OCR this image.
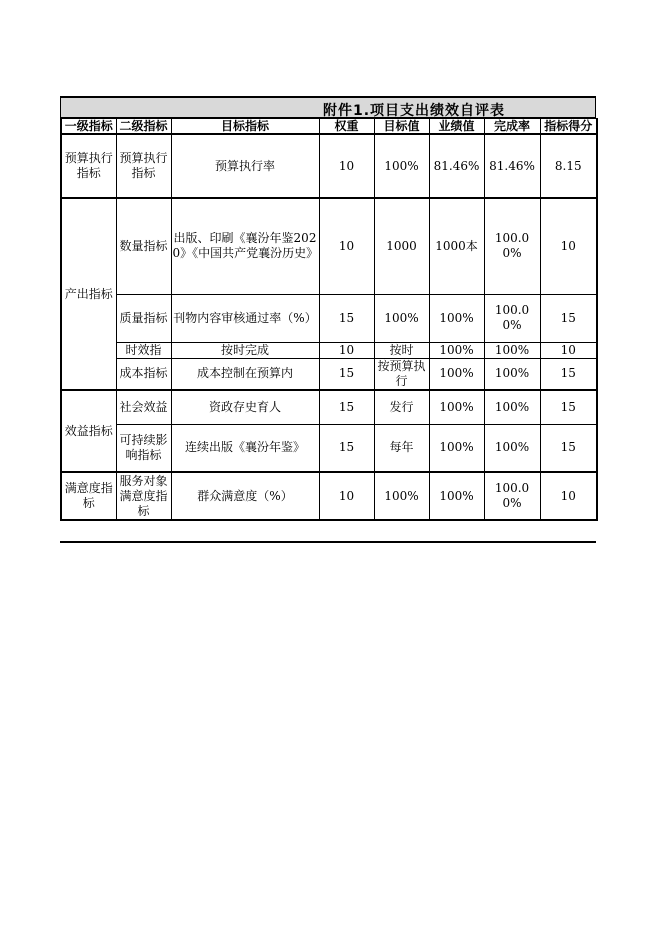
附件1.项目支出绩效自评表
一级指标	二级指标	目标指标	权重	目标值	业绩值	完成率	指标得分
预算执行指标	预算执行指标	预算执行率	10	100%	81.46%	81.46%	8.15
产出指标	数量指标	出版、印刷《襄汾年鉴2020》《中国共产党襄汾历史》	10	1000	1000本	100.00%	10
	质量指标	刊物内容审核通过率（%）	15	100%	100%	100.00%	15
	时效指	按时完成	10	按时	100%	100%	10
	成本指标	成本控制在预算内	15	按预算执行	100%	100%	15
效益指标	社会效益	资政存史育人	15	发行	100%	100%	15
	可持续影响指标	连续出版《襄汾年鉴》	15	每年	100%	100%	15
满意度指标	服务对象满意度指标	群众满意度（%）	10	100%	100%	100.00%	10
